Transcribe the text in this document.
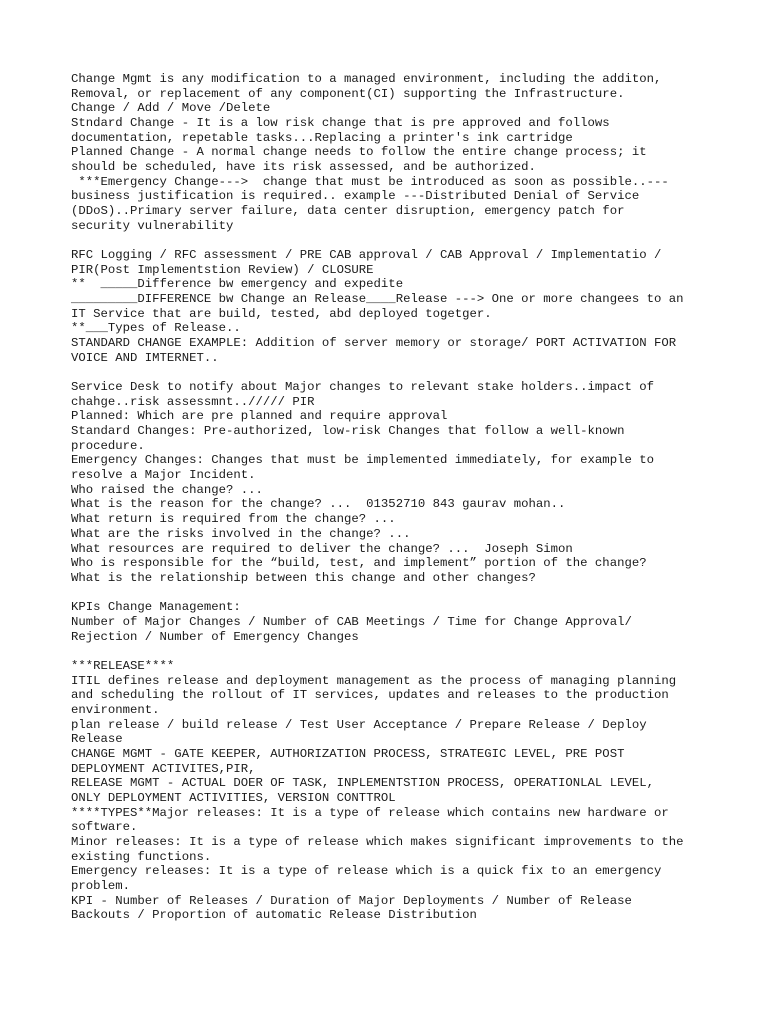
Change Mgmt is any modification to a managed environment, including the additon,
Removal, or replacement of any component(CI) supporting the Infrastructure.
Change / Add / Move /Delete
Stndard Change - It is a low risk change that is pre approved and follows
documentation, repetable tasks...Replacing a printer's ink cartridge
Planned Change - A normal change needs to follow the entire change process; it
should be scheduled, have its risk assessed, and be authorized.
***Emergency Change--->  change that must be introduced as soon as possible..---
business justification is required.. example ---Distributed Denial of Service
(DDoS)..Primary server failure, data center disruption, emergency patch for
security vulnerability
RFC Logging / RFC assessment / PRE CAB approval / CAB Approval / Implementatio /
PIR(Post Implementstion Review) / CLOSURE
**  _____Difference bw emergency and expedite
_________DIFFERENCE bw Change an Release____Release ---> One or more changees to an
IT Service that are build, tested, abd deployed togetger.
**___Types of Release..
STANDARD CHANGE EXAMPLE: Addition of server memory or storage/ PORT ACTIVATION FOR
VOICE AND IMTERNET..
Service Desk to notify about Major changes to relevant stake holders..impact of
chahge..risk assessmnt..///// PIR
Planned: Which are pre planned and require approval
Standard Changes: Pre-authorized, low-risk Changes that follow a well-known
procedure.
Emergency Changes: Changes that must be implemented immediately, for example to
resolve a Major Incident.
Who raised the change? ...
What is the reason for the change? ...  01352710 843 gaurav mohan..
What return is required from the change? ...
What are the risks involved in the change? ...
What resources are required to deliver the change? ...  Joseph Simon
Who is responsible for the “build, test, and implement” portion of the change?
What is the relationship between this change and other changes?
KPIs Change Management:
Number of Major Changes / Number of CAB Meetings / Time for Change Approval/
Rejection / Number of Emergency Changes
***RELEASE****
ITIL defines release and deployment management as the process of managing planning
and scheduling the rollout of IT services, updates and releases to the production
environment.
plan release / build release / Test User Acceptance / Prepare Release / Deploy
Release
CHANGE MGMT - GATE KEEPER, AUTHORIZATION PROCESS, STRATEGIC LEVEL, PRE POST
DEPLOYMENT ACTIVITES,PIR,
RELEASE MGMT - ACTUAL DOER OF TASK, INPLEMENTSTION PROCESS, OPERATIONLAL LEVEL,
ONLY DEPLOYMENT ACTIVITIES, VERSION CONTTROL
****TYPES**Major releases: It is a type of release which contains new hardware or
software.
Minor releases: It is a type of release which makes significant improvements to the
existing functions.
Emergency releases: It is a type of release which is a quick fix to an emergency
problem.
KPI - Number of Releases / Duration of Major Deployments / Number of Release
Backouts / Proportion of automatic Release Distribution
